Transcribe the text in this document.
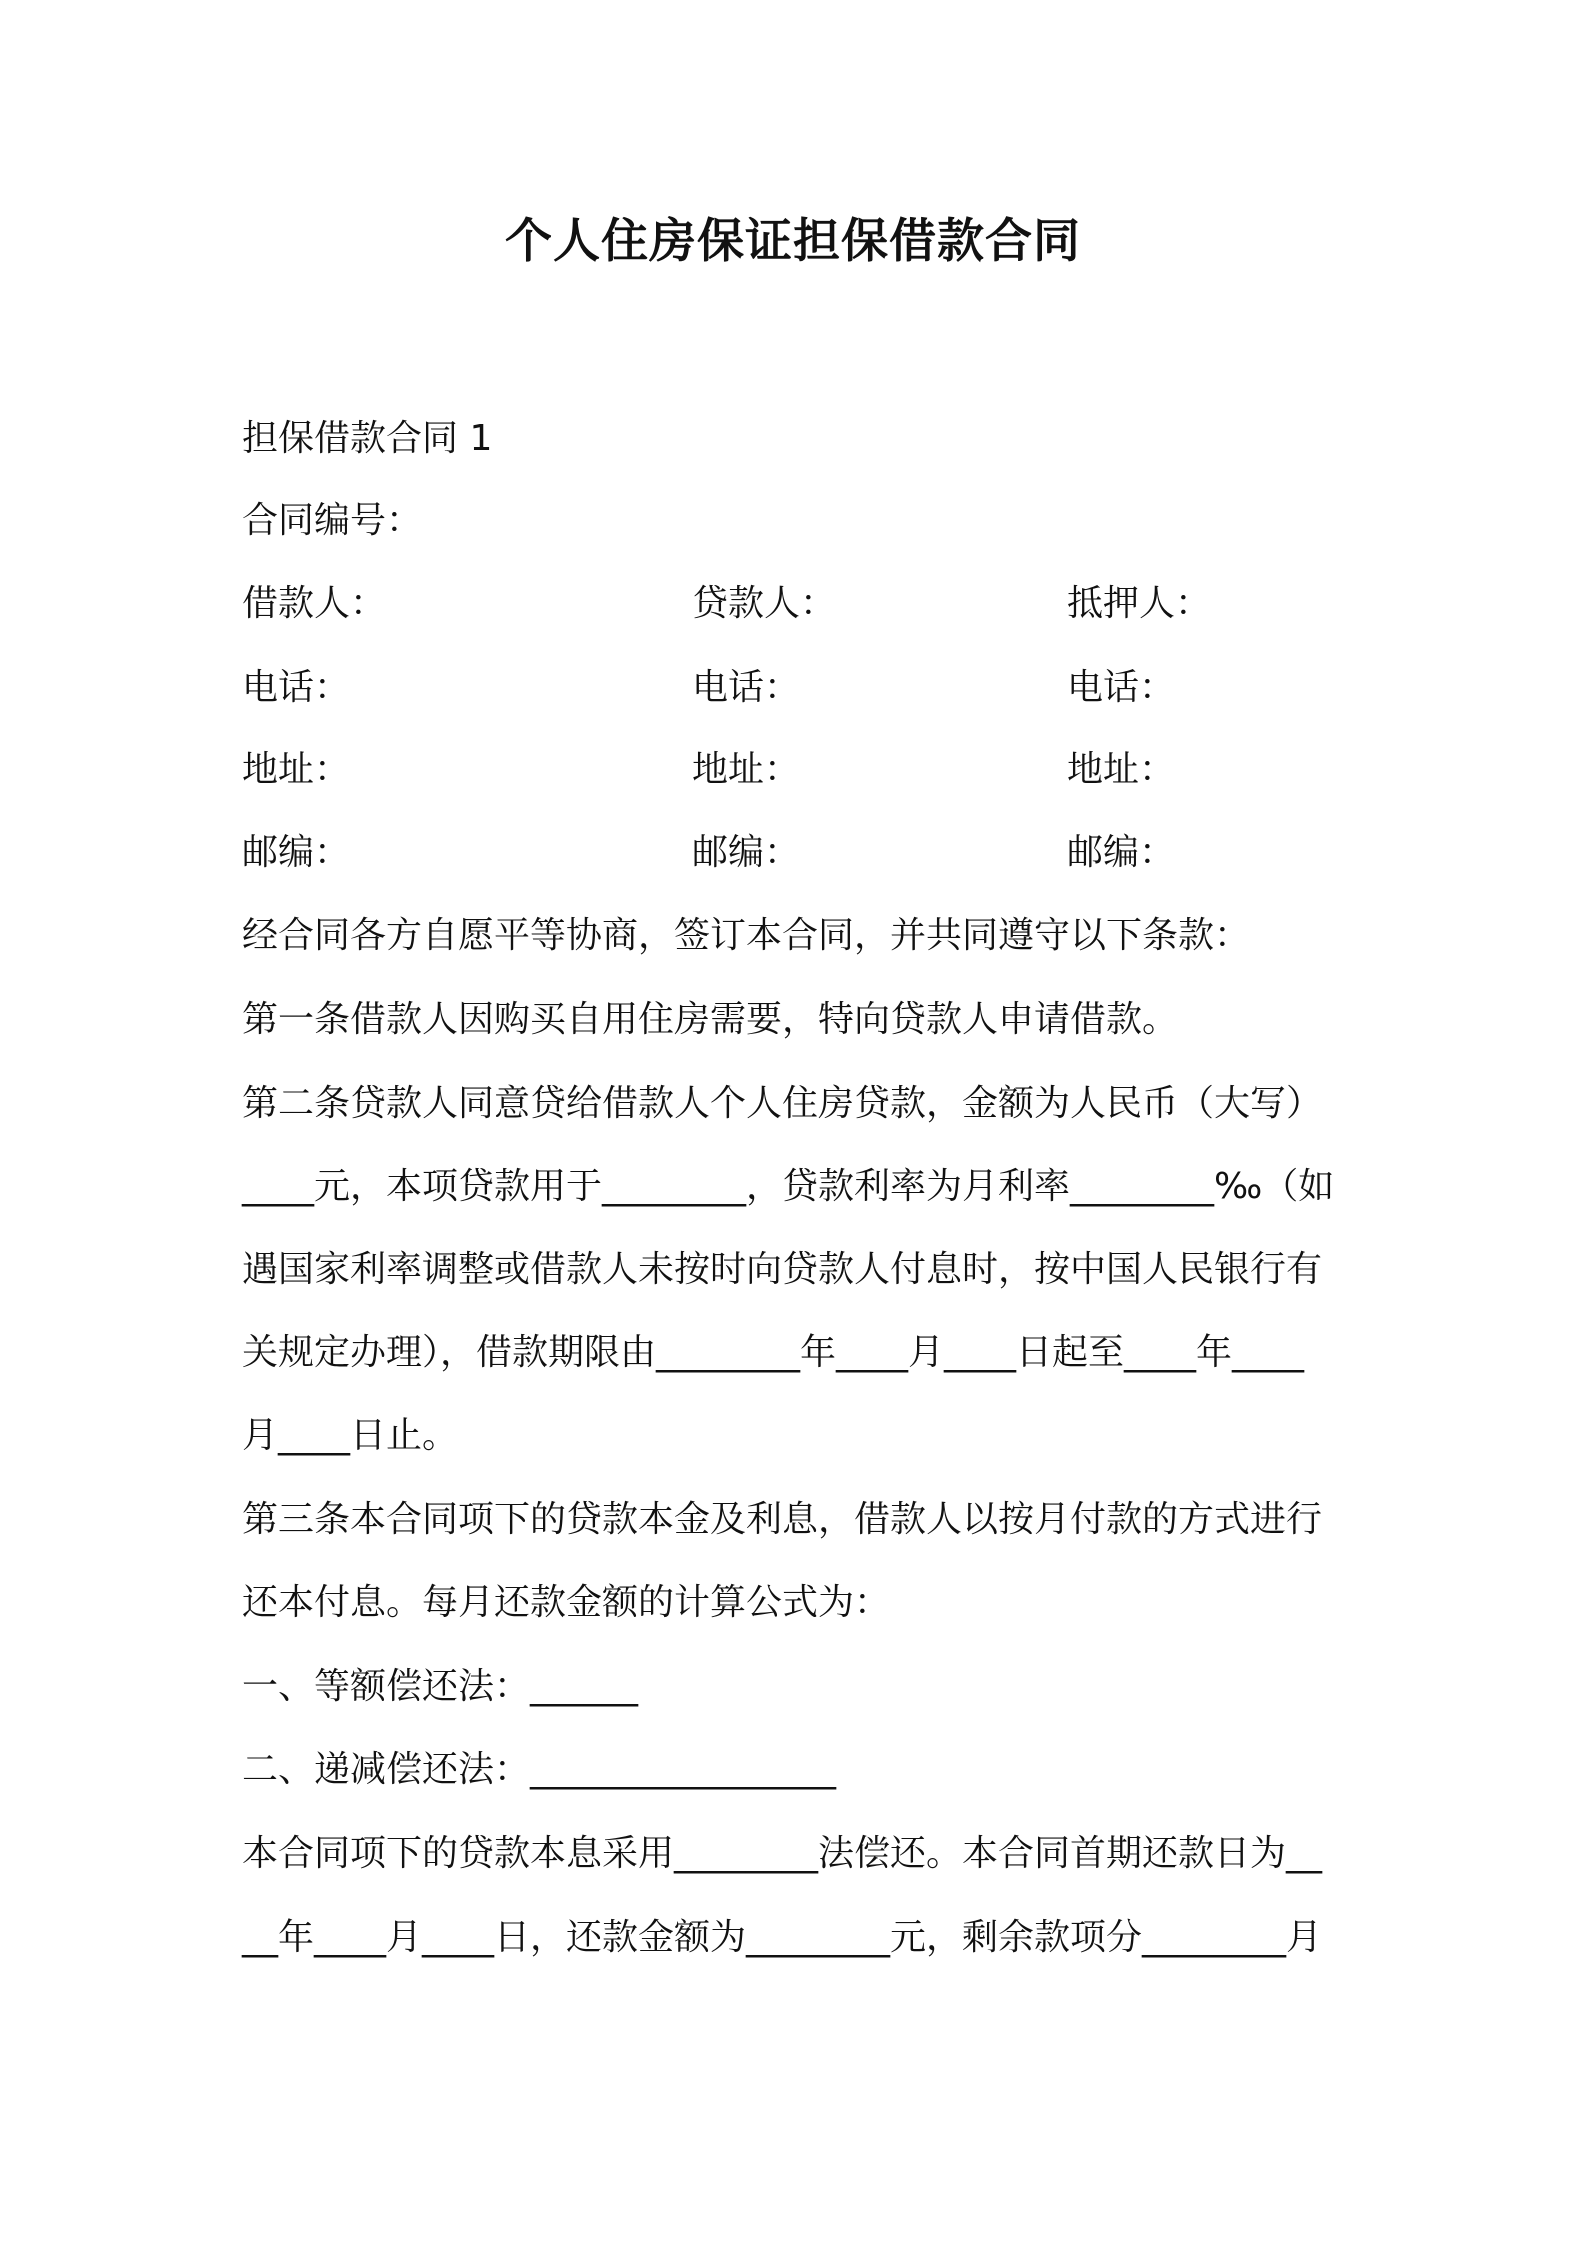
个人住房保证担保借款合同
担保借款合同 1
合同编号：
借款人：	贷款人：	抵押人：
电话：	电话：	电话：
地址：	地址：	地址：
邮编：	邮编：	邮编：
经合同各方自愿平等协商，签订本合同，并共同遵守以下条款：
第一条借款人因购买自用住房需要，特向贷款人申请借款。
第二条贷款人同意贷给借款人个人住房贷款，金额为人民币（大写）
____元，本项贷款用于________，贷款利率为月利率________‰（如
遇国家利率调整或借款人未按时向贷款人付息时，按中国人民银行有
关规定办理），借款期限由________年____月____日起至____年____
月____日止。
第三条本合同项下的贷款本金及利息，借款人以按月付款的方式进行
还本付息。每月还款金额的计算公式为：
一、等额偿还法：______
二、递减偿还法：_________________
本合同项下的贷款本息采用________法偿还。本合同首期还款日为__
__年____月____日，还款金额为________元，剩余款项分________月
